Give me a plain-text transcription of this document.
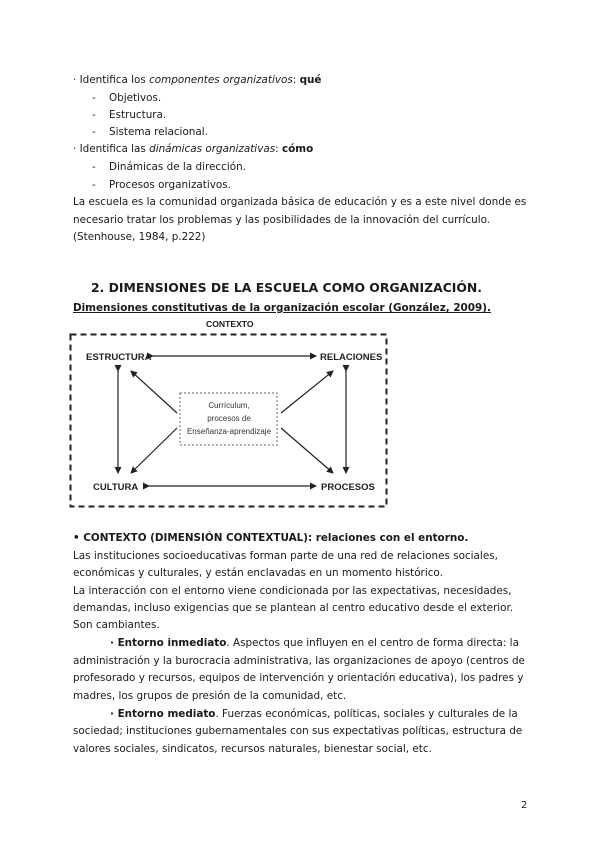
· Identifica los componentes organizativos: qué
- Objetivos.
- Estructura.
- Sistema relacional.
· Identifica las dinámicas organizativas: cómo
- Dinámicas de la dirección.
- Procesos organizativos.
La escuela es la comunidad organizada básica de educación y es a este nivel donde es
necesario tratar los problemas y las posibilidades de la innovación del currículo.
(Stenhouse, 1984, p.222)
2. DIMENSIONES DE LA ESCUELA COMO ORGANIZACIÓN.
Dimensiones constitutivas de la organización escolar (González, 2009).
CONTEXTO
ESTRUCTURA	RELACIONES
CULTURA	PROCESOS
Currículum,
procesos de
Enseñanza-aprendizaje
• CONTEXTO (DIMENSIÓN CONTEXTUAL): relaciones con el entorno.
Las instituciones socioeducativas forman parte de una red de relaciones sociales,
económicas y culturales, y están enclavadas en un momento histórico.
La interacción con el entorno viene condicionada por las expectativas, necesidades,
demandas, incluso exigencias que se plantean al centro educativo desde el exterior.
Son cambiantes.
· Entorno inmediato. Aspectos que influyen en el centro de forma directa: la
administración y la burocracia administrativa, las organizaciones de apoyo (centros de
profesorado y recursos, equipos de intervención y orientación educativa), los padres y
madres, los grupos de presión de la comunidad, etc.
· Entorno mediato. Fuerzas económicas, políticas, sociales y culturales de la
sociedad; instituciones gubernamentales con sus expectativas políticas, estructura de
valores sociales, sindicatos, recursos naturales, bienestar social, etc.
2
